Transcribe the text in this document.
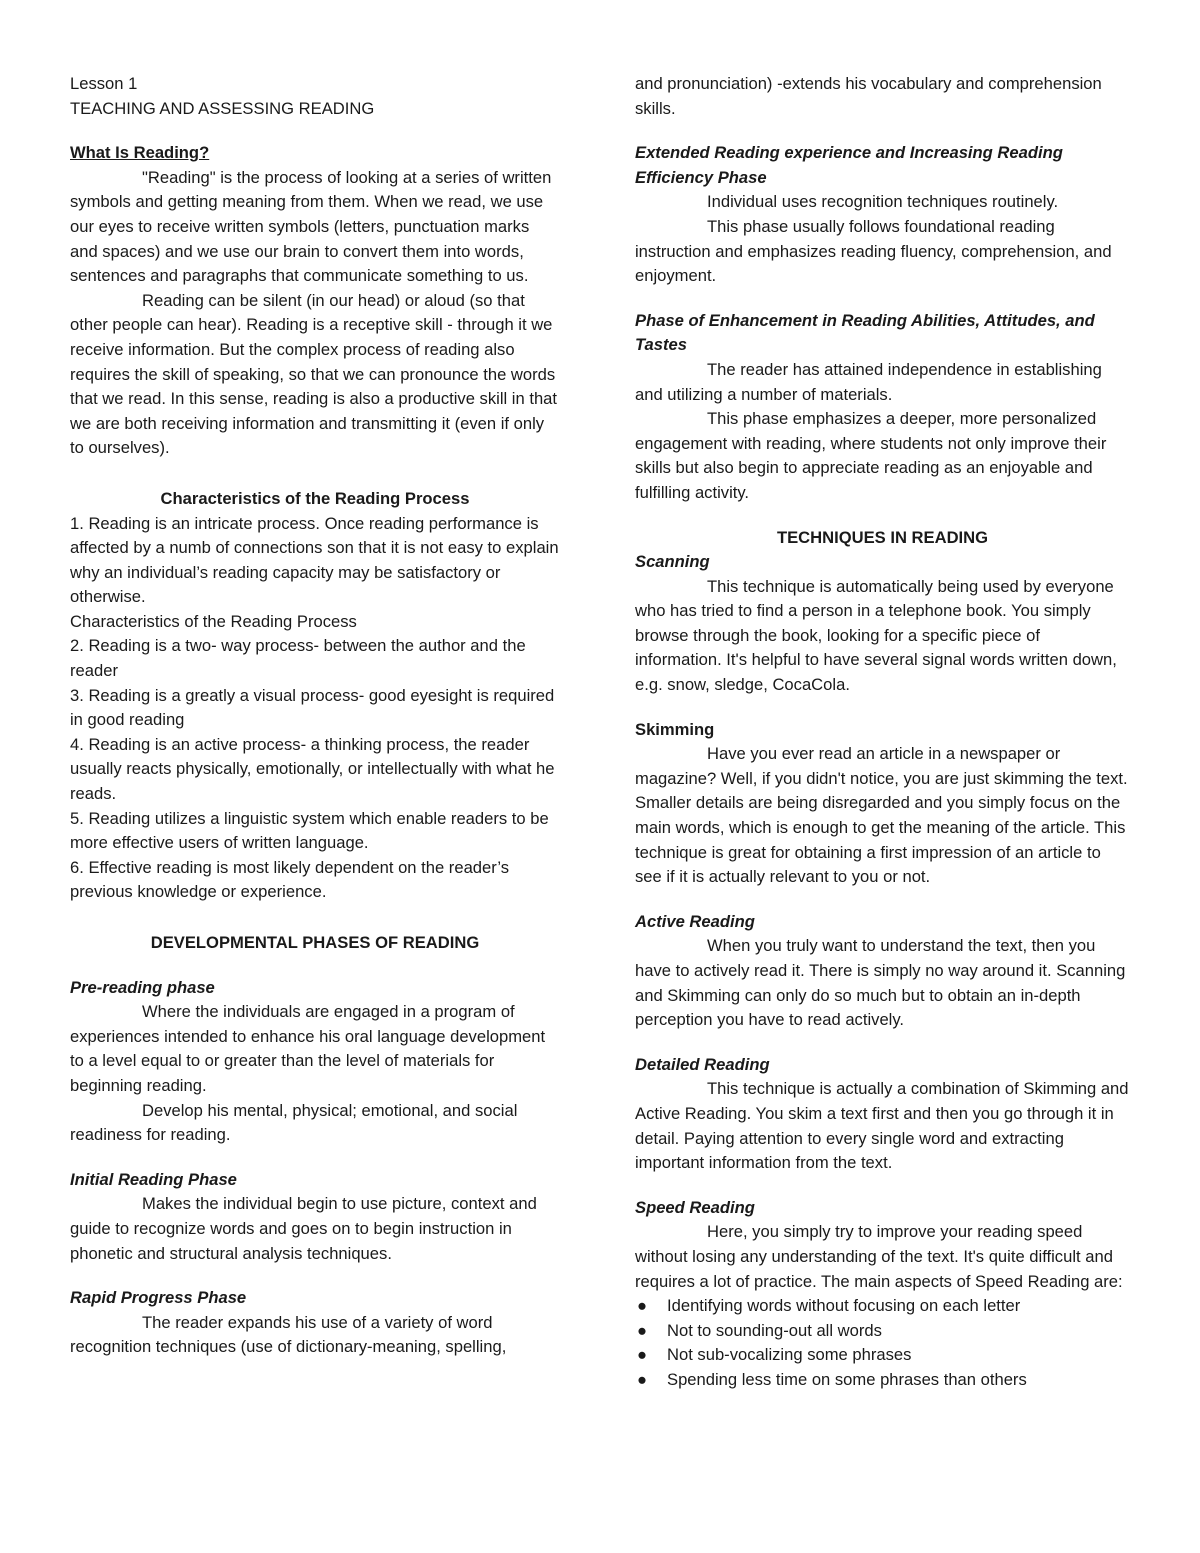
Lesson 1

TEACHING AND ASSESSING READING

What Is Reading?

"Reading" is the process of looking at a series of written symbols and getting meaning from them. When we read, we use our eyes to receive written symbols (letters, punctuation marks and spaces) and we use our brain to convert them into words, sentences and paragraphs that communicate something to us.

Reading can be silent (in our head) or aloud (so that other people can hear). Reading is a receptive skill - through it we receive information. But the complex process of reading also requires the skill of speaking, so that we can pronounce the words that we read. In this sense, reading is also a productive skill in that we are both receiving information and transmitting it (even if only to ourselves).

Characteristics of the Reading Process

1. Reading is an intricate process. Once reading performance is affected by a numb of connections son that it is not easy to explain why an individual’s reading capacity may be satisfactory or otherwise.

Characteristics of the Reading Process

2. Reading is a two- way process- between the author and the reader

3. Reading is a greatly a visual process- good eyesight is required in good reading

4. Reading is an active process- a thinking process, the reader usually reacts physically, emotionally, or intellectually with what he reads.

5. Reading utilizes a linguistic system which enable readers to be more effective users of written language.

6. Effective reading is most likely dependent on the reader’s previous knowledge or experience.

DEVELOPMENTAL PHASES OF READING

Pre-reading phase

Where the individuals are engaged in a program of experiences intended to enhance his oral language development to a level equal to or greater than the level of materials for beginning reading.

Develop his mental, physical; emotional, and social readiness for reading.

Initial Reading Phase

Makes the individual begin to use picture, context and guide to recognize words and goes on to begin instruction in phonetic and structural analysis techniques.

Rapid Progress Phase

The reader expands his use of a variety of word recognition techniques (use of dictionary-meaning, spelling,

and pronunciation) -extends his vocabulary and comprehension skills.

Extended Reading experience and Increasing Reading Efficiency Phase

Individual uses recognition techniques routinely.

This phase usually follows foundational reading instruction and emphasizes reading fluency, comprehension, and enjoyment.

Phase of Enhancement in Reading Abilities, Attitudes, and Tastes

The reader has attained independence in establishing and utilizing a number of materials.

This phase emphasizes a deeper, more personalized engagement with reading, where students not only improve their skills but also begin to appreciate reading as an enjoyable and fulfilling activity.

TECHNIQUES IN READING

Scanning

This technique is automatically being used by everyone who has tried to find a person in a telephone book. You simply browse through the book, looking for a specific piece of information. It's helpful to have several signal words written down, e.g. snow, sledge, CocaCola.

Skimming

Have you ever read an article in a newspaper or magazine? Well, if you didn't notice, you are just skimming the text. Smaller details are being disregarded and you simply focus on the main words, which is enough to get the meaning of the article. This technique is great for obtaining a first impression of an article to see if it is actually relevant to you or not.

Active Reading

When you truly want to understand the text, then you have to actively read it. There is simply no way around it. Scanning and Skimming can only do so much but to obtain an in-depth perception you have to read actively.

Detailed Reading

This technique is actually a combination of Skimming and Active Reading. You skim a text first and then you go through it in detail. Paying attention to every single word and extracting important information from the text.

Speed Reading

Here, you simply try to improve your reading speed without losing any understanding of the text. It's quite difficult and requires a lot of practice. The main aspects of Speed Reading are:

● Identifying words without focusing on each letter
● Not to sounding-out all words
● Not sub-vocalizing some phrases
● Spending less time on some phrases than others
